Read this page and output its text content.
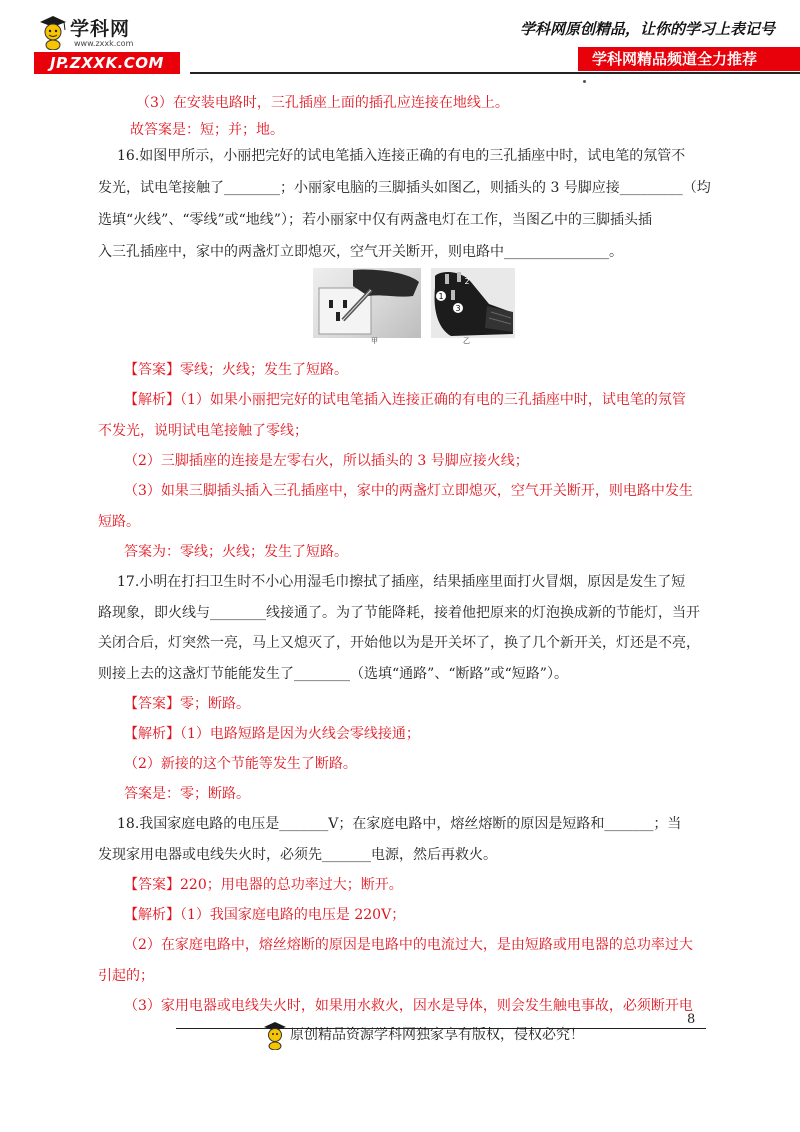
学科网
www.zxxk.com
JP.ZXXK.COM
学科网原创精品，让你的学习上表记号
学科网精品频道全力推荐
（3）在安装电路时，三孔插座上面的插孔应连接在地线上。
故答案是：短；并；地。
16.如图甲所示，小丽把完好的试电笔插入连接正确的有电的三孔插座中时，试电笔的氖管不
发光，试电笔接触了________；小丽家电脑的三脚插头如图乙，则插头的 3 号脚应接_________（均
选填“火线”、“零线”或“地线”）；若小丽家中仅有两盏电灯在工作，当图乙中的三脚插头插
入三孔插座中，家中的两盏灯立即熄灭，空气开关断开，则电路中_______________。
1
2
3
甲	乙
【答案】零线；火线；发生了短路。
【解析】（1）如果小丽把完好的试电笔插入连接正确的有电的三孔插座中时，试电笔的氖管
不发光，说明试电笔接触了零线；
（2）三脚插座的连接是左零右火，所以插头的 3 号脚应接火线；
（3）如果三脚插头插入三孔插座中，家中的两盏灯立即熄灭，空气开关断开，则电路中发生
短路。
答案为：零线；火线；发生了短路。
17.小明在打扫卫生时不小心用湿毛巾擦拭了插座，结果插座里面打火冒烟，原因是发生了短
路现象，即火线与________线接通了。为了节能降耗，接着他把原来的灯泡换成新的节能灯，当开
关闭合后，灯突然一亮，马上又熄灭了，开始他以为是开关坏了，换了几个新开关，灯还是不亮，
则接上去的这盏灯节能能发生了________（选填“通路”、“断路”或“短路”）。
【答案】零；断路。
【解析】（1）电路短路是因为火线会零线接通；
（2）新接的这个节能等发生了断路。
答案是：零；断路。
18.我国家庭电路的电压是_______V；在家庭电路中，熔丝熔断的原因是短路和_______；当
发现家用电器或电线失火时，必须先_______电源，然后再救火。
【答案】220；用电器的总功率过大；断开。
【解析】（1）我国家庭电路的电压是 220V；
（2）在家庭电路中，熔丝熔断的原因是电路中的电流过大，是由短路或用电器的总功率过大
引起的；
（3）家用电器或电线失火时，如果用水救火，因水是导体，则会发生触电事故，必须断开电
8
原创精品资源学科网独家享有版权，侵权必究！
